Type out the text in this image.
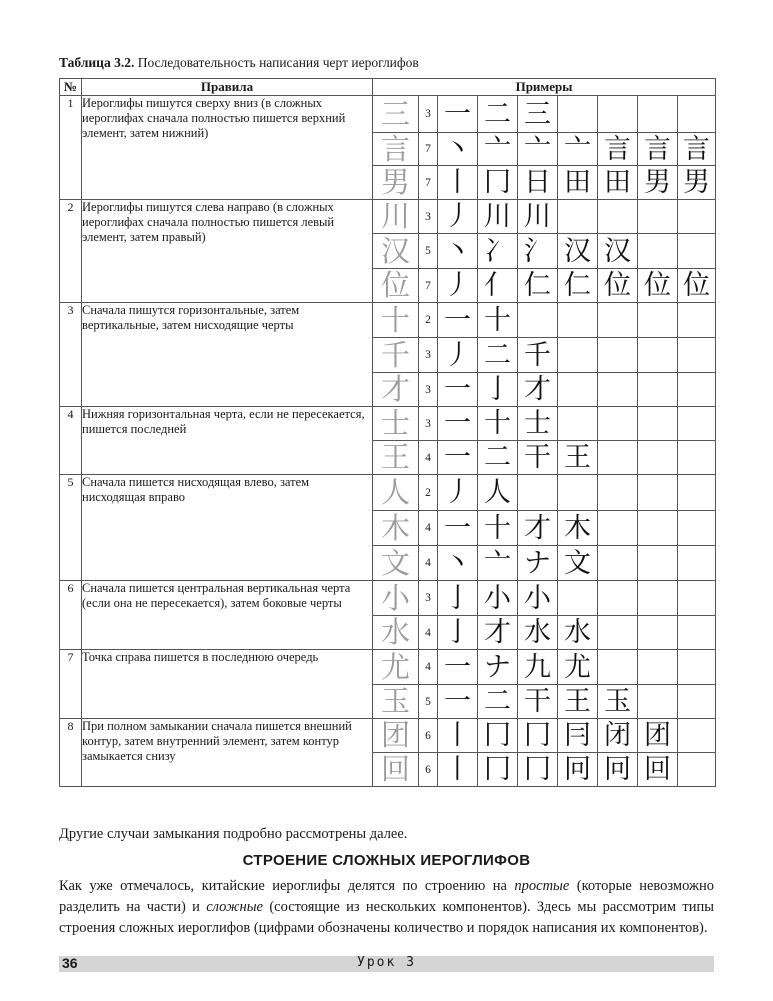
Таблица 3.2. Последовательность написания черт иероглифов
№	Правила	Примеры								
1	Иероглифы пишутся сверху вниз (в сложных иероглифах сначала полностью пишется верхний элемент, затем нижний)	三	3	一	二	三				
		言	7	丶	亠	亠	亠	言	言	言
		男	7	丨	冂	日	田	田	男	男
2	Иероглифы пишутся слева направо (в сложных иероглифах сначала полностью пишется левый элемент, затем правый)	川	3	丿	川	川				
		汉	5	丶	冫	氵	汉	汉		
		位	7	丿	亻	仁	仁	位	位	位
3	Сначала пишутся горизонтальные, затем вертикальные, затем нисходящие черты	十	2	一	十					
		千	3	丿	二	千				
		才	3	一	亅	才				
4	Нижняя горизонтальная черта, если не пересекается, пишется последней	士	3	一	十	士				
		王	4	一	二	干	王			
5	Сначала пишется нисходящая влево, затем нисходящая вправо	人	2	丿	人					
		木	4	一	十	才	木			
		文	4	丶	亠	ナ	文			
6	Сначала пишется центральная вертикальная черта (если она не пересекается), затем боковые черты	小	3	亅	小	小				
		水	4	亅	才	水	水			
7	Точка справа пишется в последнюю очередь	尤	4	一	ナ	九	尤			
		玉	5	一	二	干	王	玉		
8	При полном замыкании сначала пишется внешний контур, затем внутренний элемент, затем контур замыкается снизу	团	6	丨	冂	冂	冃	闭	团	
		回	6	丨	冂	冂	冋	冋	回	
Другие случаи замыкания подробно рассмотрены далее.
СТРОЕНИЕ СЛОЖНЫХ ИЕРОГЛИФОВ
Как уже отмечалось, китайские иероглифы делятся по строению на простые (которые невозможно разделить на части) и сложные (состоящие из нескольких компонентов). Здесь мы рассмотрим типы строения сложных иероглифов (цифрами обозначены количество и порядок написания их компонентов).
36	Урок 3
